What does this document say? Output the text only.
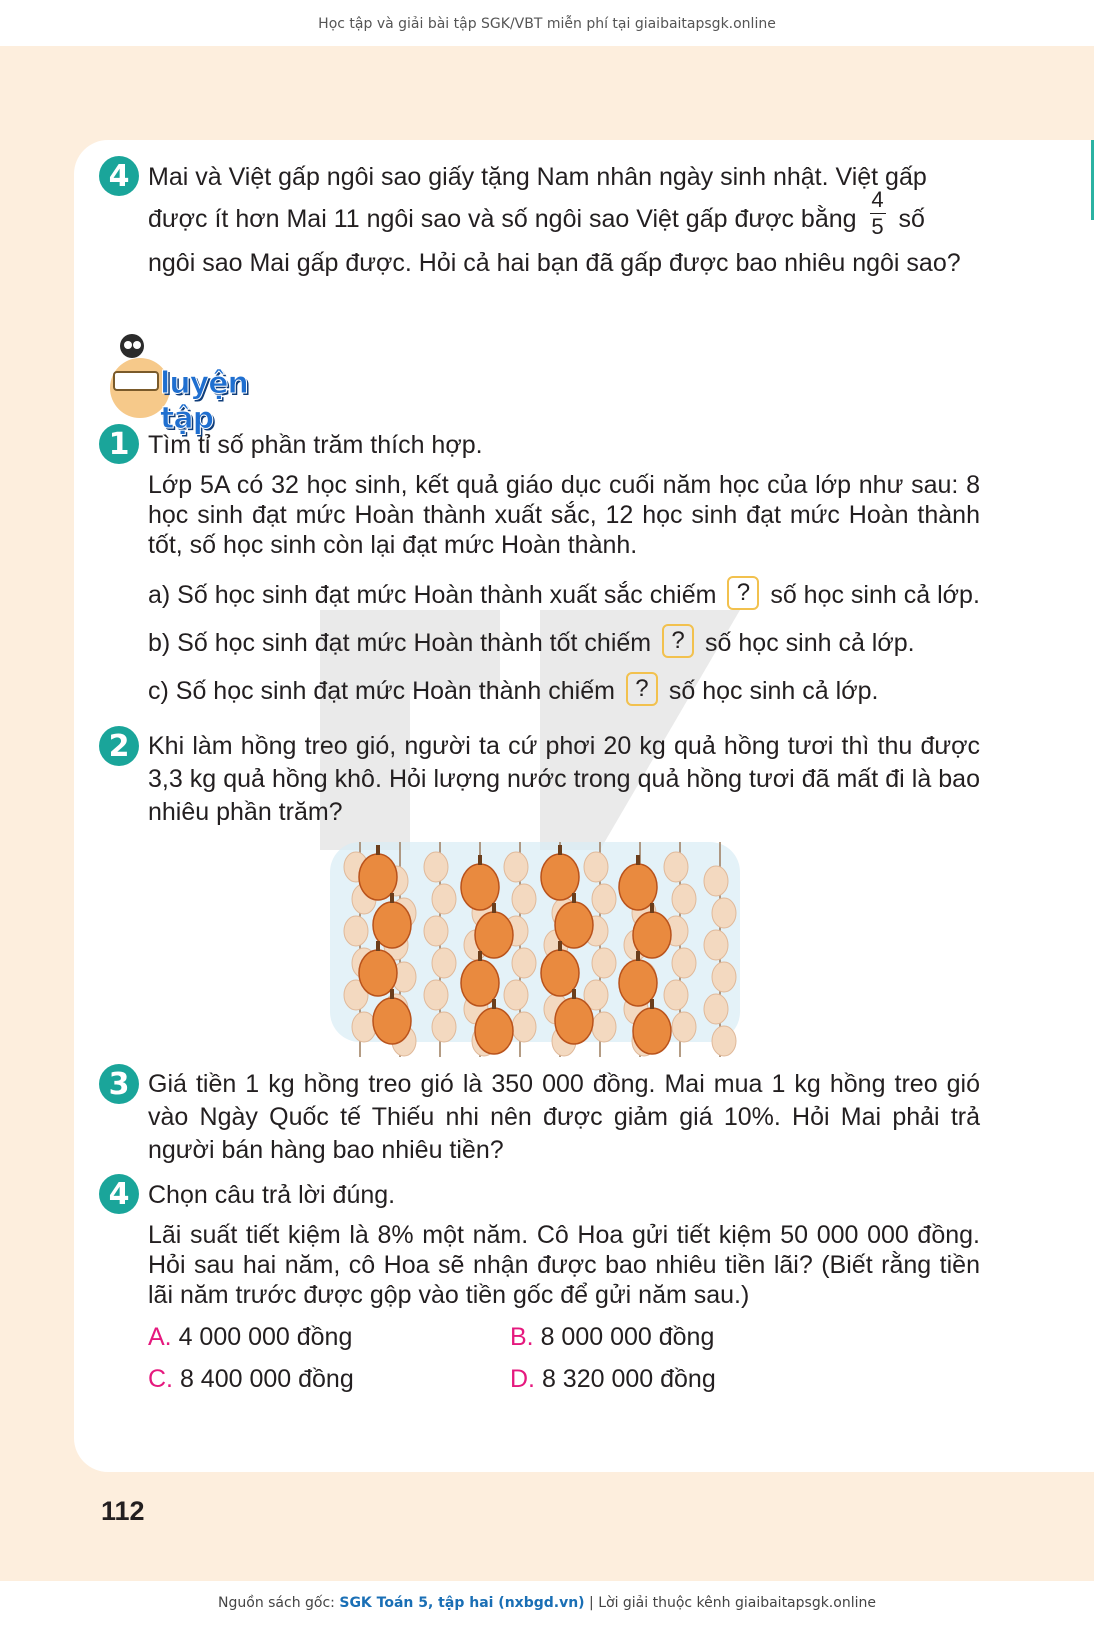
Học tập và giải bài tập SGK/VBT miễn phí tại giaibaitapsgk.online
4 Mai và Việt gấp ngôi sao giấy tặng Nam nhân ngày sinh nhật. Việt gấp
được ít hơn Mai 11 ngôi sao và số ngôi sao Việt gấp được bằng $\frac{4}{5}$ số
ngôi sao Mai gấp được. Hỏi cả hai bạn đã gấp được bao nhiêu ngôi sao?
luyện tập
1 Tìm tỉ số phần trăm thích hợp.
Lớp 5A có 32 học sinh, kết quả giáo dục cuối năm học của lớp như sau: 8 học sinh đạt mức Hoàn thành xuất sắc, 12 học sinh đạt mức Hoàn thành tốt, số học sinh còn lại đạt mức Hoàn thành.
a) Số học sinh đạt mức Hoàn thành xuất sắc chiếm ? số học sinh cả lớp.
b) Số học sinh đạt mức Hoàn thành tốt chiếm ? số học sinh cả lớp.
c) Số học sinh đạt mức Hoàn thành chiếm ? số học sinh cả lớp.
2 Khi làm hồng treo gió, người ta cứ phơi 20 kg quả hồng tươi thì thu được 3,3 kg quả hồng khô. Hỏi lượng nước trong quả hồng tươi đã mất đi là bao nhiêu phần trăm?
3 Giá tiền 1 kg hồng treo gió là 350 000 đồng. Mai mua 1 kg hồng treo gió vào Ngày Quốc tế Thiếu nhi nên được giảm giá 10%. Hỏi Mai phải trả người bán hàng bao nhiêu tiền?
4 Chọn câu trả lời đúng.
Lãi suất tiết kiệm là 8% một năm. Cô Hoa gửi tiết kiệm 50 000 000 đồng. Hỏi sau hai năm, cô Hoa sẽ nhận được bao nhiêu tiền lãi? (Biết rằng tiền lãi năm trước được gộp vào tiền gốc để gửi năm sau.)
A. 4 000 000 đồng	B. 8 000 000 đồng
C. 8 400 000 đồng	D. 8 320 000 đồng
112
Nguồn sách gốc: SGK Toán 5, tập hai (nxbgd.vn) | Lời giải thuộc kênh giaibaitapsgk.online
